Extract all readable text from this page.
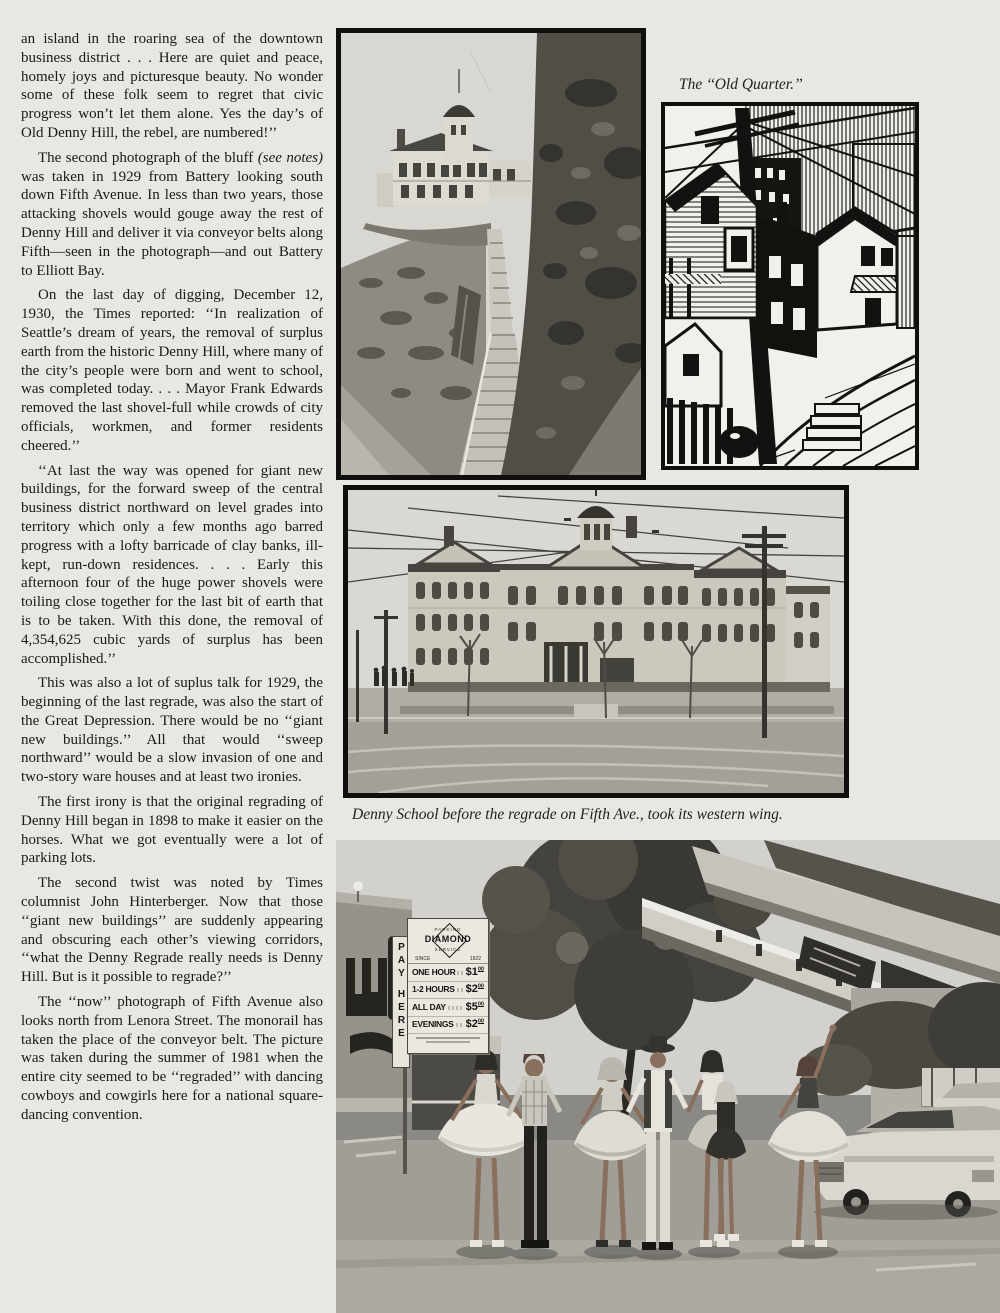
an island in the roaring sea of the downtown business district . . . Here are quiet and peace, homely joys and picturesque beauty. No wonder some of these folk seem to regret that civic progress won’t let them alone. Yes the day’s of Old Denny Hill, the rebel, are numbered!’’

The second photograph of the bluff (see notes) was taken in 1929 from Battery looking south down Fifth Avenue. In less than two years, those attacking shovels would gouge away the rest of Denny Hill and deliver it via conveyor belts along Fifth—seen in the photograph—and out Battery to Elliott Bay.

On the last day of digging, December 12, 1930, the Times reported: ‘‘In realization of Seattle’s dream of years, the removal of surplus earth from the historic Denny Hill, where many of the city’s people were born and went to school, was completed today. . . . Mayor Frank Edwards removed the last shovel-full while crowds of city officials, workmen, and former residents cheered.’’

‘‘At last the way was opened for giant new buildings, for the forward sweep of the central business district northward on level grades into territory which only a few months ago barred progress with a lofty barricade of clay banks, ill-kept, run-down residences. . . . Early this afternoon four of the huge power shovels were toiling close together for the last bit of earth that is to be taken. With this done, the removal of 4,354,625 cubic yards of surplus has been accomplished.’’

This was also a lot of suplus talk for 1929, the beginning of the last regrade, was also the start of the Great Depression. There would be no ‘‘giant new buildings.’’ All that would ‘‘sweep northward’’ would be a slow invasion of one and two-story ware houses and at least two ironies.

The first irony is that the original regrading of Denny Hill began in 1898 to make it easier on the horses. What we got eventually were a lot of parking lots.

The second twist was noted by Times columnist John Hinterberger. Now that those ‘‘giant new buildings’’ are suddenly appearing and obscuring each other’s viewing corridors, ‘‘what the Denny Regrade really needs is Denny Hill. But is it possible to regrade?’’

The ‘‘now’’ photograph of Fifth Avenue also looks north from Lenora Street. The monorail has taken the place of the conveyor belt. The picture was taken during the summer of 1981 when the entire city seemed to be ‘‘regraded’’ with dancing cowboys and cowgirls here for a national square-dancing convention.

The ‘‘Old Quarter.’’
Denny School before the regrade on Fifth Ave., took its western wing.
PAY
HERE
PARKING
DIAMOND
SERVICE
SINCE	1922
ONE HOUR $\$1^{00}$
1-2 HOURS $\$2^{00}$
ALL DAY $\$5^{00}$
EVENINGS $\$2^{00}$
